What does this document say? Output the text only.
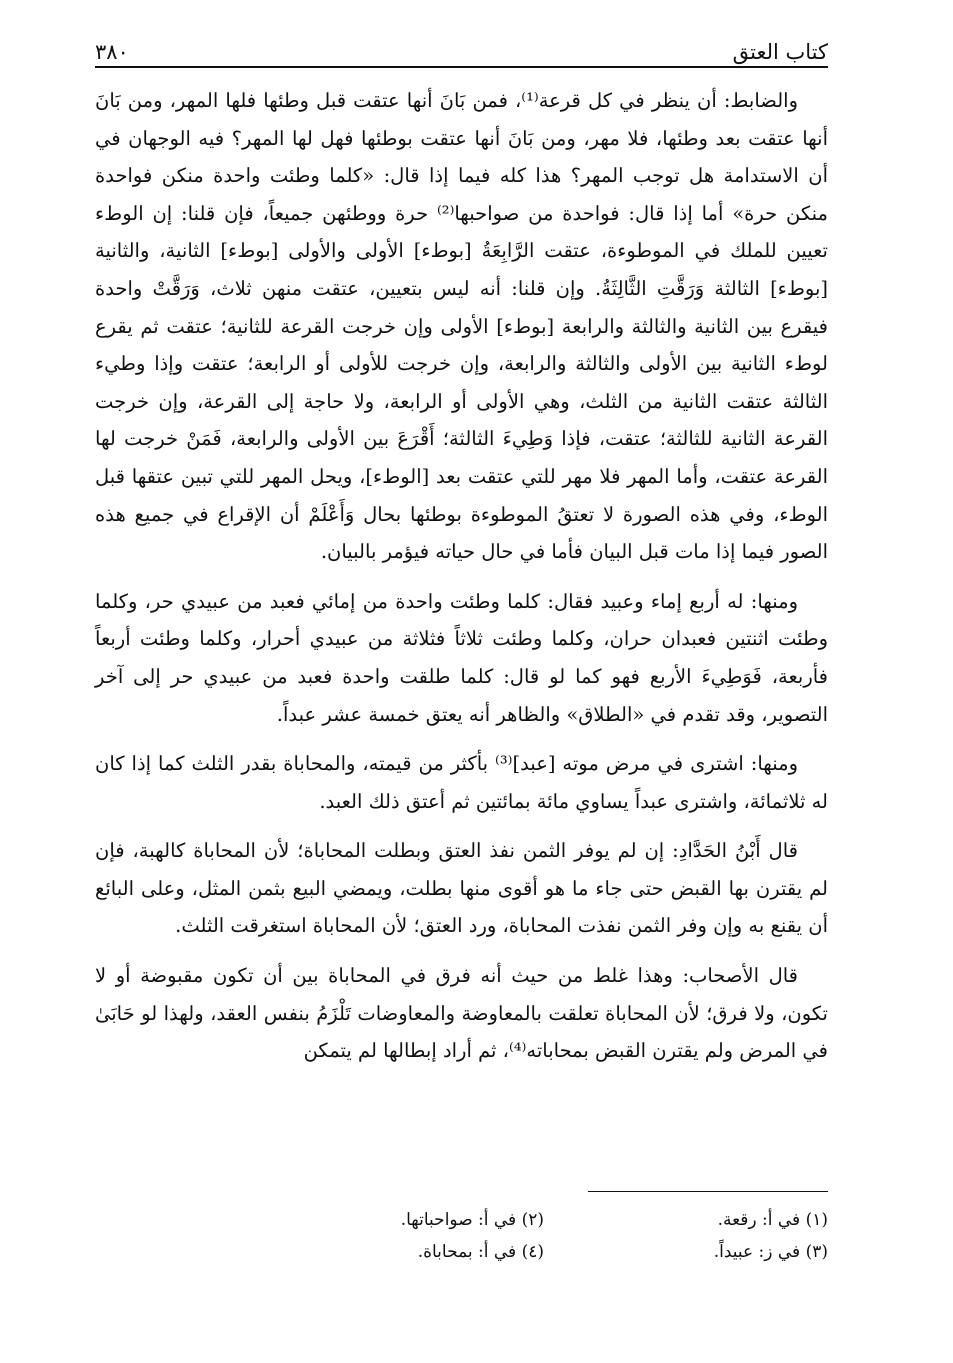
كتاب العتق
٣٨٠

والضابط: أن ينظر في كل قرعة⁽¹⁾، فمن بَانَ أنها عتقت قبل وطئها فلها المهر، ومن بَانَ أنها عتقت بعد وطئها، فلا مهر، ومن بَانَ أنها عتقت بوطئها فهل لها المهر؟ فيه الوجهان في أن الاستدامة هل توجب المهر؟ هذا كله فيما إذا قال: «كلما وطئت واحدة منكن فواحدة منكن حرة» أما إذا قال: فواحدة من صواحبها⁽²⁾ حرة ووطئهن جميعاً، فإن قلنا: إن الوطء تعيين للملك في الموطوءة، عتقت الرَّابِعَةُ [بوطء] الأولى والأولى [بوطء] الثانية، والثانية [بوطء] الثالثة وَرَقَّتِ الثَّالِثَةُ. وإن قلنا: أنه ليس بتعيين، عتقت منهن ثلاث، وَرَقَّتْ واحدة فيقرع بين الثانية والثالثة والرابعة [بوطء] الأولى وإن خرجت القرعة للثانية؛ عتقت ثم يقرع لوطء الثانية بين الأولى والثالثة والرابعة، وإن خرجت للأولى أو الرابعة؛ عتقت وإذا وطيء الثالثة عتقت الثانية من الثلث، وهي الأولى أو الرابعة، ولا حاجة إلى القرعة، وإن خرجت القرعة الثانية للثالثة؛ عتقت، فإذا وَطِيءَ الثالثة؛ أَقْرَعَ بين الأولى والرابعة، فَمَنْ خرجت لها القرعة عتقت، وأما المهر فلا مهر للتي عتقت بعد [الوطء]، ويحل المهر للتي تبين عتقها قبل الوطء، وفي هذه الصورة لا تعتقُ الموطوءة بوطئها بحال وَأَعْلَمْ أن الإقراع في جميع هذه الصور فيما إذا مات قبل البيان فأما في حال حياته فيؤمر بالبيان.

ومنها: له أربع إماء وعبيد فقال: كلما وطئت واحدة من إمائي فعبد من عبيدي حر، وكلما وطئت اثنتين فعبدان حران، وكلما وطئت ثلاثاً فثلاثة من عبيدي أحرار، وكلما وطئت أربعاً فأربعة، فَوَطِيءَ الأربع فهو كما لو قال: كلما طلقت واحدة فعبد من عبيدي حر إلى آخر التصوير، وقد تقدم في «الطلاق» والظاهر أنه يعتق خمسة عشر عبداً.

ومنها: اشترى في مرض موته [عبد]⁽³⁾ بأكثر من قيمته، والمحاباة بقدر الثلث كما إذا كان له ثلاثمائة، واشترى عبداً يساوي مائة بمائتين ثم أعتق ذلك العبد.

قال أَبْنُ الحَدَّادِ: إن لم يوفر الثمن نفذ العتق وبطلت المحاباة؛ لأن المحاباة كالهبة، فإن لم يقترن بها القبض حتى جاء ما هو أقوى منها بطلت، ويمضي البيع بثمن المثل، وعلى البائع أن يقنع به وإن وفر الثمن نفذت المحاباة، ورد العتق؛ لأن المحاباة استغرقت الثلث.

قال الأصحاب: وهذا غلط من حيث أنه فرق في المحاباة بين أن تكون مقبوضة أو لا تكون، ولا فرق؛ لأن المحاباة تعلقت بالمعاوضة والمعاوضات تَلْزَمُ بنفس العقد، ولهذا لو حَابَىٰ في المرض ولم يقترن القبض بمحاباته⁽⁴⁾، ثم أراد إبطالها لم يتمكن

(١) في أ: رقعة.
(٢) في أ: صواحباتها.
(٣) في ز: عبيداً.
(٤) في أ: بمحاباة.
